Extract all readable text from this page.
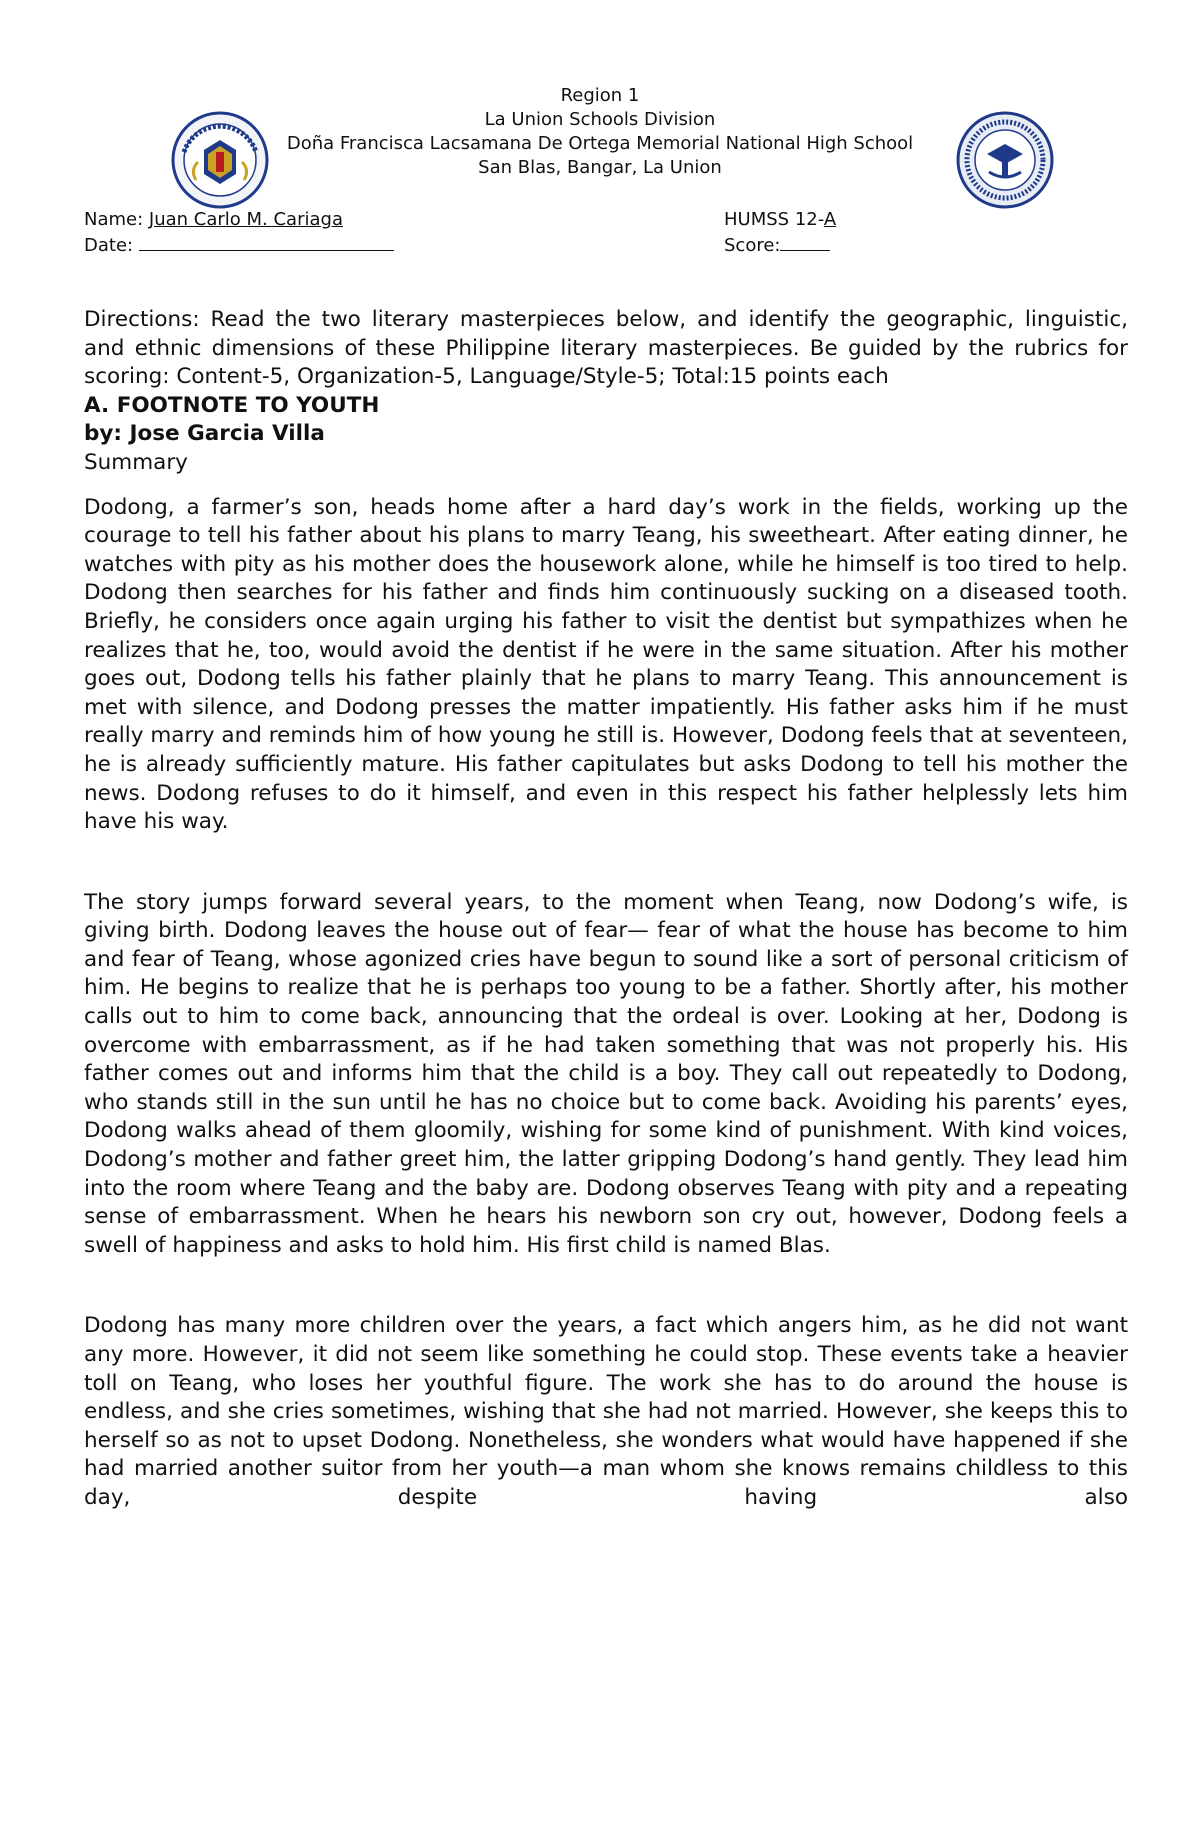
Region 1
La Union Schools Division
Doña Francisca Lacsamana De Ortega Memorial National High School
San Blas, Bangar, La Union
Name: Juan Carlo M. Cariaga	HUMSS 12-A
Date:	Score:

Directions: Read the two literary masterpieces below, and identify the geographic, linguistic, and ethnic dimensions of these Philippine literary masterpieces. Be guided by the rubrics for scoring: Content-5, Organization-5, Language/Style-5; Total:15 points each

A. FOOTNOTE TO YOUTH

by: Jose Garcia Villa

Summary

Dodong, a farmer’s son, heads home after a hard day’s work in the fields, working up the courage to tell his father about his plans to marry Teang, his sweetheart. After eating dinner, he watches with pity as his mother does the housework alone, while he himself is too tired to help. Dodong then searches for his father and finds him continuously sucking on a diseased tooth. Briefly, he considers once again urging his father to visit the dentist but sympathizes when he realizes that he, too, would avoid the dentist if he were in the same situation. After his mother goes out, Dodong tells his father plainly that he plans to marry Teang. This announcement is met with silence, and Dodong presses the matter impatiently. His father asks him if he must really marry and reminds him of how young he still is. However, Dodong feels that at seventeen, he is already sufficiently mature. His father capitulates but asks Dodong to tell his mother the news. Dodong refuses to do it himself, and even in this respect his father helplessly lets him have his way.

The story jumps forward several years, to the moment when Teang, now Dodong’s wife, is giving birth. Dodong leaves the house out of fear— fear of what the house has become to him and fear of Teang, whose agonized cries have begun to sound like a sort of personal criticism of him. He begins to realize that he is perhaps too young to be a father. Shortly after, his mother calls out to him to come back, announcing that the ordeal is over. Looking at her, Dodong is overcome with embarrassment, as if he had taken something that was not properly his. His father comes out and informs him that the child is a boy. They call out repeatedly to Dodong, who stands still in the sun until he has no choice but to come back. Avoiding his parents’ eyes, Dodong walks ahead of them gloomily, wishing for some kind of punishment. With kind voices, Dodong’s mother and father greet him, the latter gripping Dodong’s hand gently. They lead him into the room where Teang and the baby are. Dodong observes Teang with pity and a repeating sense of embarrassment. When he hears his newborn son cry out, however, Dodong feels a swell of happiness and asks to hold him. His first child is named Blas.

Dodong has many more children over the years, a fact which angers him, as he did not want any more. However, it did not seem like something he could stop. These events take a heavier toll on Teang, who loses her youthful figure. The work she has to do around the house is endless, and she cries sometimes, wishing that she had not married. However, she keeps this to herself so as not to upset Dodong. Nonetheless, she wonders what would have happened if she had married another suitor from her youth—a man whom she knows remains childless to this day, despite having also
